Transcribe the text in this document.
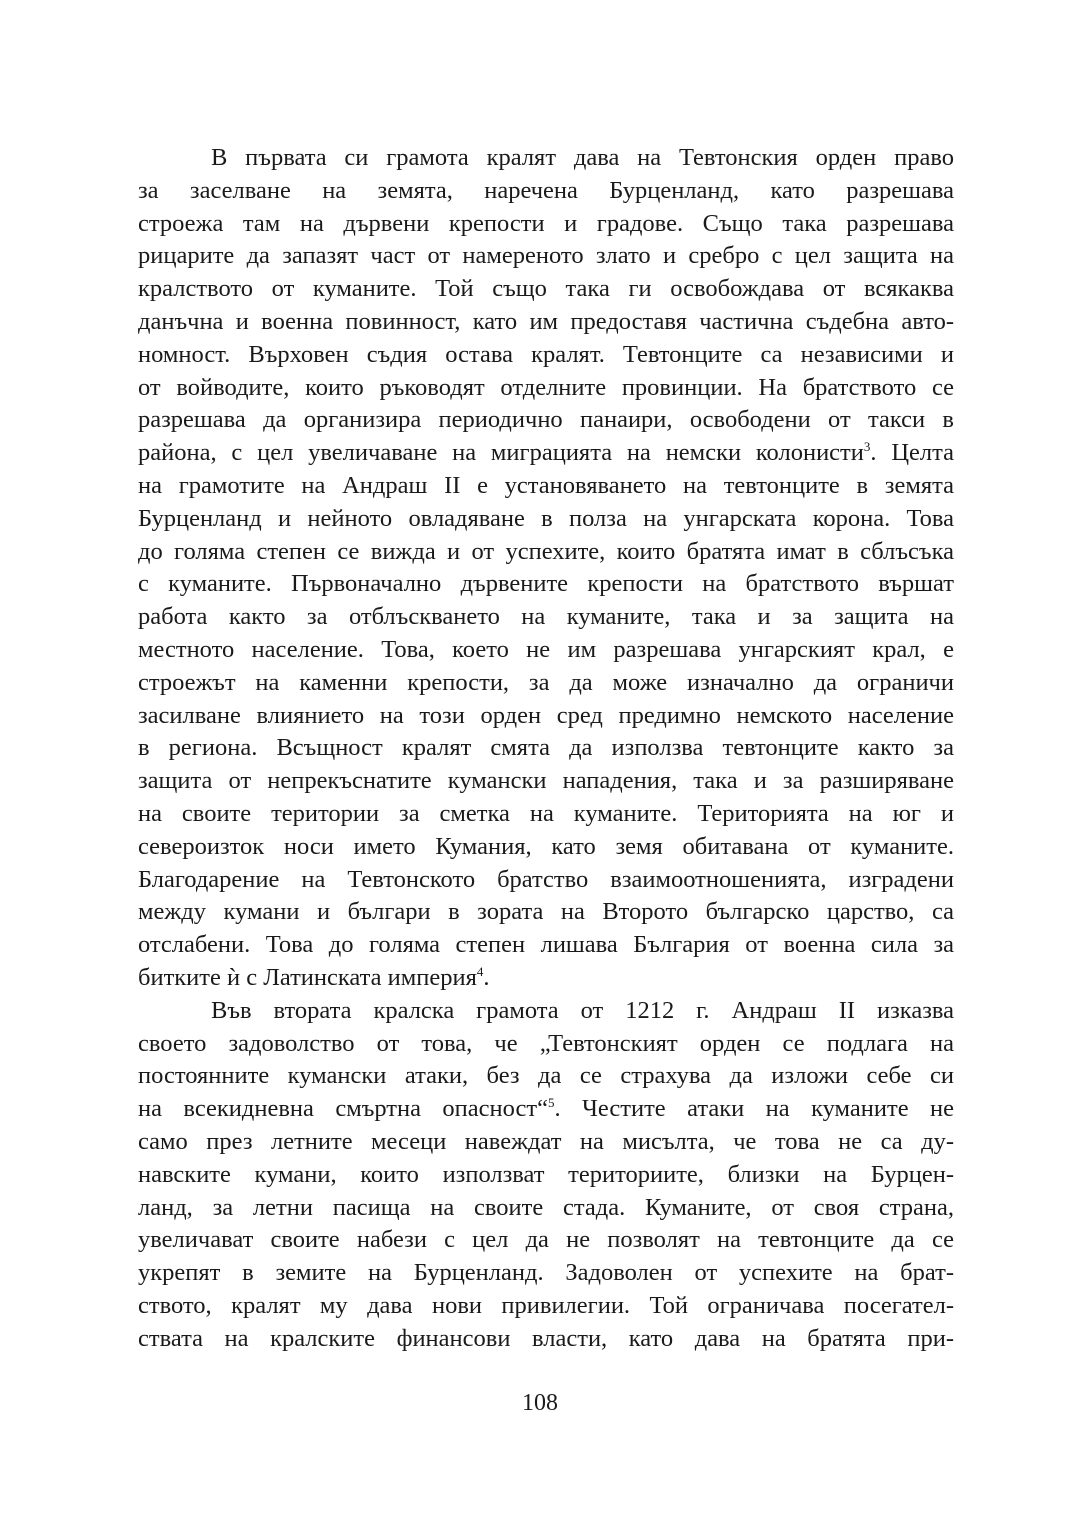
В първата си грамота кралят дава на Тевтонския орден право
за заселване на земята, наречена Бурценланд, като разрешава
строежа там на дървени крепости и градове. Също така разрешава
рицарите да запазят част от намереното злато и сребро с цел защита на
кралството от куманите. Той също така ги освобождава от всякаква
данъчна и военна повинност, като им предоставя частична съдебна авто-
номност. Върховен съдия остава кралят. Тевтонците са независими и
от войводите, които ръководят отделните провинции. На братството се
разрешава да организира периодично панаири, освободени от такси в
района, с цел увеличаване на миграцията на немски колонисти$^3$. Целта
на грамотите на Андраш II е установяването на тевтонците в земята
Бурценланд и нейното овладяване в полза на унгарската корона. Това
до голяма степен се вижда и от успехите, които братята имат в сблъсъка
с куманите. Първоначално дървените крепости на братството вършат
работа както за отблъскването на куманите, така и за защита на
местното население. Това, което не им разрешава унгарският крал, е
строежът на каменни крепости, за да може изначално да ограничи
засилване влиянието на този орден сред предимно немското население
в региона. Всъщност кралят смята да използва тевтонците както за
защита от непрекъснатите кумански нападения, така и за разширяване
на своите територии за сметка на куманите. Територията на юг и
североизток носи името Кумания, като земя обитавана от куманите.
Благодарение на Тевтонското братство взаимоотношенията, изградени
между кумани и българи в зората на Второто българско царство, са
отслабени. Това до голяма степен лишава България от военна сила за
битките ѝ с Латинската империя$^4$.
Във втората кралска грамота от 1212 г. Андраш II изказва
своето задоволство от това, че „Тевтонският орден се подлага на
постоянните кумански атаки, без да се страхува да изложи себе си
на всекидневна смъртна опасност“$^5$. Честите атаки на куманите не
само през летните месеци навеждат на мисълта, че това не са ду-
навските кумани, които използват териториите, близки на Бурцен-
ланд, за летни пасища на своите стада. Куманите, от своя страна,
увеличават своите набези с цел да не позволят на тевтонците да се
укрепят в земите на Бурценланд. Задоволен от успехите на брат-
ството, кралят му дава нови привилегии. Той ограничава посегател-
ствата на кралските финансови власти, като дава на братята при-
108
